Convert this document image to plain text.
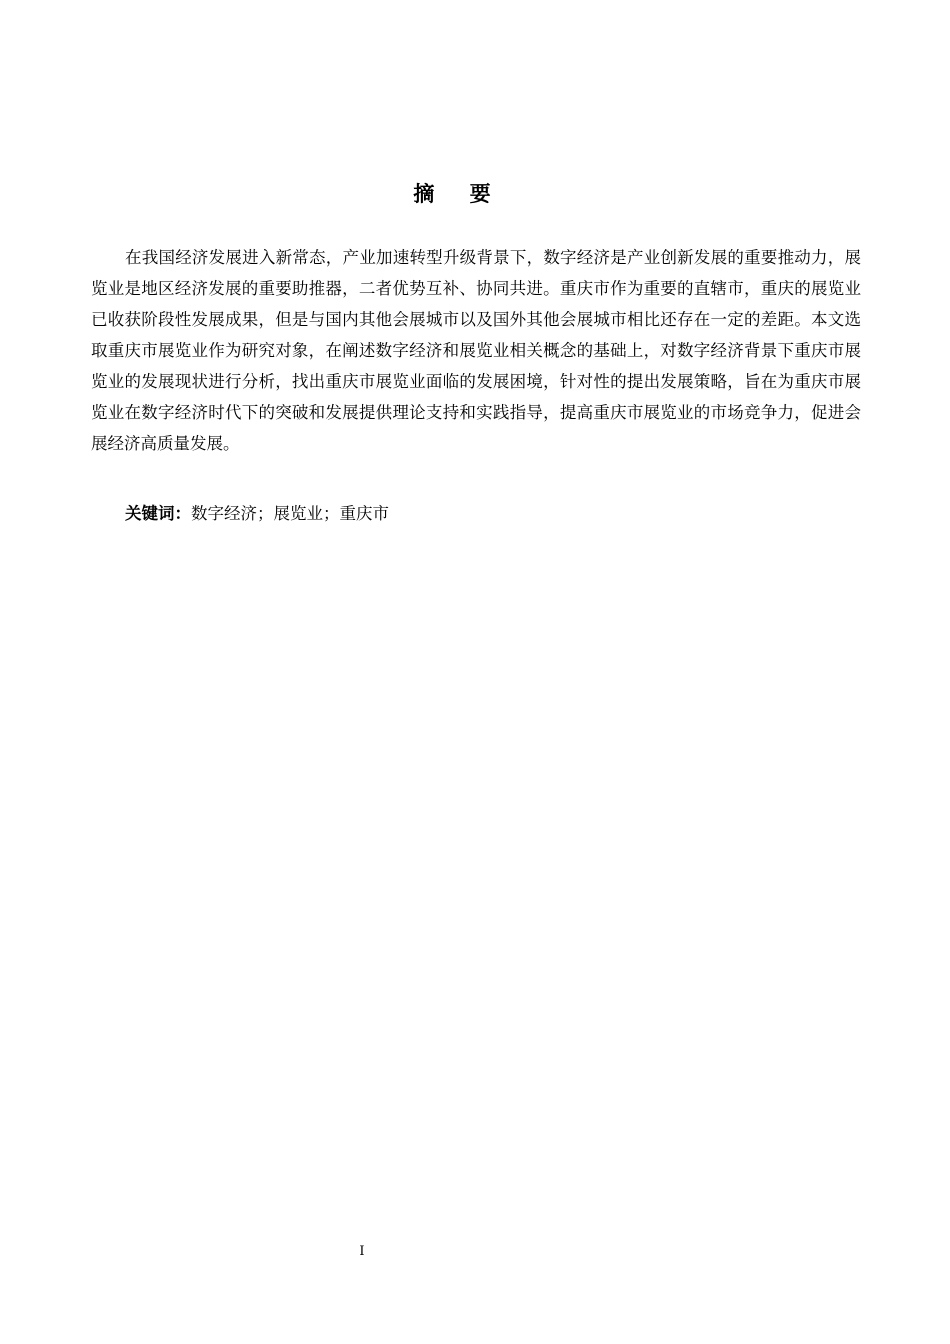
摘 要

在我国经济发展进入新常态，产业加速转型升级背景下，数字经济是产业创新发展的重要推动力，展览业是地区经济发展的重要助推器，二者优势互补、协同共进。重庆市作为重要的直辖市，重庆的展览业已收获阶段性发展成果，但是与国内其他会展城市以及国外其他会展城市相比还存在一定的差距。本文选取重庆市展览业作为研究对象，在阐述数字经济和展览业相关概念的基础上，对数字经济背景下重庆市展览业的发展现状进行分析，找出重庆市展览业面临的发展困境，针对性的提出发展策略，旨在为重庆市展览业在数字经济时代下的突破和发展提供理论支持和实践指导，提高重庆市展览业的市场竞争力，促进会展经济高质量发展。

关键词：数字经济；展览业；重庆市

I
